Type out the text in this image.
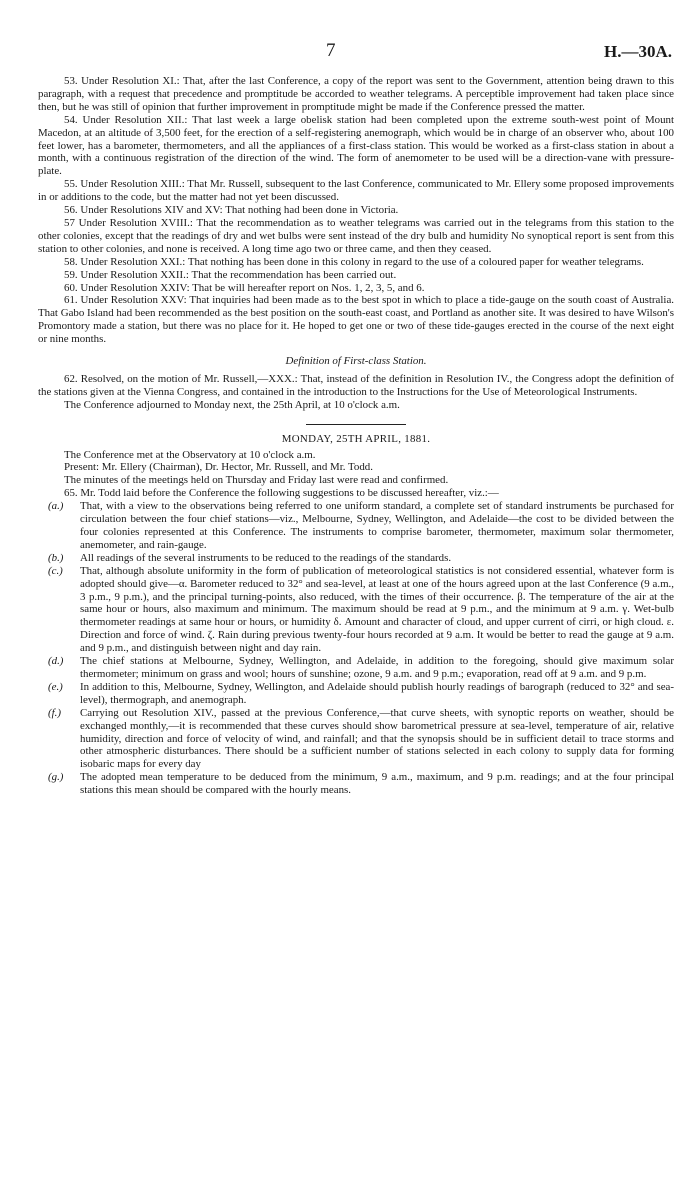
7	H.—30A.

53. Under Resolution XI.: That, after the last Conference, a copy of the report was sent to the Government, attention being drawn to this paragraph, with a request that precedence and promptitude be accorded to weather telegrams. A perceptible improvement had taken place since then, but he was still of opinion that further improvement in promptitude might be made if the Conference pressed the matter.

54. Under Resolution XII.: That last week a large obelisk station had been completed upon the extreme south-west point of Mount Macedon, at an altitude of 3,500 feet, for the erection of a self-registering anemograph, which would be in charge of an observer who, about 100 feet lower, has a barometer, thermometers, and all the appliances of a first-class station. This would be worked as a first-class station in about a month, with a continuous registration of the direction of the wind. The form of anemometer to be used will be a direction-vane with pressure-plate.

55. Under Resolution XIII.: That Mr. Russell, subsequent to the last Conference, communicated to Mr. Ellery some proposed improvements in or additions to the code, but the matter had not yet been discussed.

56. Under Resolutions XIV and XV: That nothing had been done in Victoria.

57 Under Resolution XVIII.: That the recommendation as to weather telegrams was carried out in the telegrams from this station to the other colonies, except that the readings of dry and wet bulbs were sent instead of the dry bulb and humidity No synoptical report is sent from this station to other colonies, and none is received. A long time ago two or three came, and then they ceased.

58. Under Resolution XXI.: That nothing has been done in this colony in regard to the use of a coloured paper for weather telegrams.

59. Under Resolution XXII.: That the recommendation has been carried out.

60. Under Resolution XXIV: That be will hereafter report on Nos. 1, 2, 3, 5, and 6.

61. Under Resolution XXV: That inquiries had been made as to the best spot in which to place a tide-gauge on the south coast of Australia. That Gabo Island had been recommended as the best position on the south-east coast, and Portland as another site. It was desired to have Wilson's Promontory made a station, but there was no place for it. He hoped to get one or two of these tide-gauges erected in the course of the next eight or nine months.

Definition of First-class Station.

62. Resolved, on the motion of Mr. Russell,—XXX.: That, instead of the definition in Resolution IV., the Congress adopt the definition of the stations given at the Vienna Congress, and contained in the introduction to the Instructions for the Use of Meteorological Instruments.

The Conference adjourned to Monday next, the 25th April, at 10 o'clock a.m.

MONDAY, 25TH APRIL, 1881.

The Conference met at the Observatory at 10 o'clock a.m.

Present: Mr. Ellery (Chairman), Dr. Hector, Mr. Russell, and Mr. Todd.

The minutes of the meetings held on Thursday and Friday last were read and confirmed.

65. Mr. Todd laid before the Conference the following suggestions to be discussed hereafter, viz.:—

(a.) That, with a view to the observations being referred to one uniform standard, a complete set of standard instruments be purchased for circulation between the four chief stations—viz., Melbourne, Sydney, Wellington, and Adelaide—the cost to be divided between the four colonies represented at this Conference. The instruments to comprise barometer, thermometer, maximum solar thermometer, anemometer, and rain-gauge.
(b.) All readings of the several instruments to be reduced to the readings of the standards.
(c.) That, although absolute uniformity in the form of publication of meteorological statistics is not considered essential, whatever form is adopted should give—α. Barometer reduced to 32° and sea-level, at least at one of the hours agreed upon at the last Conference (9 a.m., 3 p.m., 9 p.m.), and the principal turning-points, also reduced, with the times of their occurrence. β. The temperature of the air at the same hour or hours, also maximum and minimum. The maximum should be read at 9 p.m., and the minimum at 9 a.m. γ. Wet-bulb thermometer readings at same hour or hours, or humidity δ. Amount and character of cloud, and upper current of cirri, or high cloud. ε. Direction and force of wind. ζ. Rain during previous twenty-four hours recorded at 9 a.m. It would be better to read the gauge at 9 a.m. and 9 p.m., and distinguish between night and day rain.
(d.) The chief stations at Melbourne, Sydney, Wellington, and Adelaide, in addition to the foregoing, should give maximum solar thermometer; minimum on grass and wool; hours of sunshine; ozone, 9 a.m. and 9 p.m.; evaporation, read off at 9 a.m. and 9 p.m.
(e.) In addition to this, Melbourne, Sydney, Wellington, and Adelaide should publish hourly readings of barograph (reduced to 32° and sea-level), thermograph, and anemograph.
(f.) Carrying out Resolution XIV., passed at the previous Conference,—that curve sheets, with synoptic reports on weather, should be exchanged monthly,—it is recommended that these curves should show barometrical pressure at sea-level, temperature of air, relative humidity, direction and force of velocity of wind, and rainfall; and that the synopsis should be in sufficient detail to trace storms and other atmospheric disturbances. There should be a sufficient number of stations selected in each colony to supply data for forming isobaric maps for every day
(g.) The adopted mean temperature to be deduced from the minimum, 9 a.m., maximum, and 9 p.m. readings; and at the four principal stations this mean should be compared with the hourly means.
